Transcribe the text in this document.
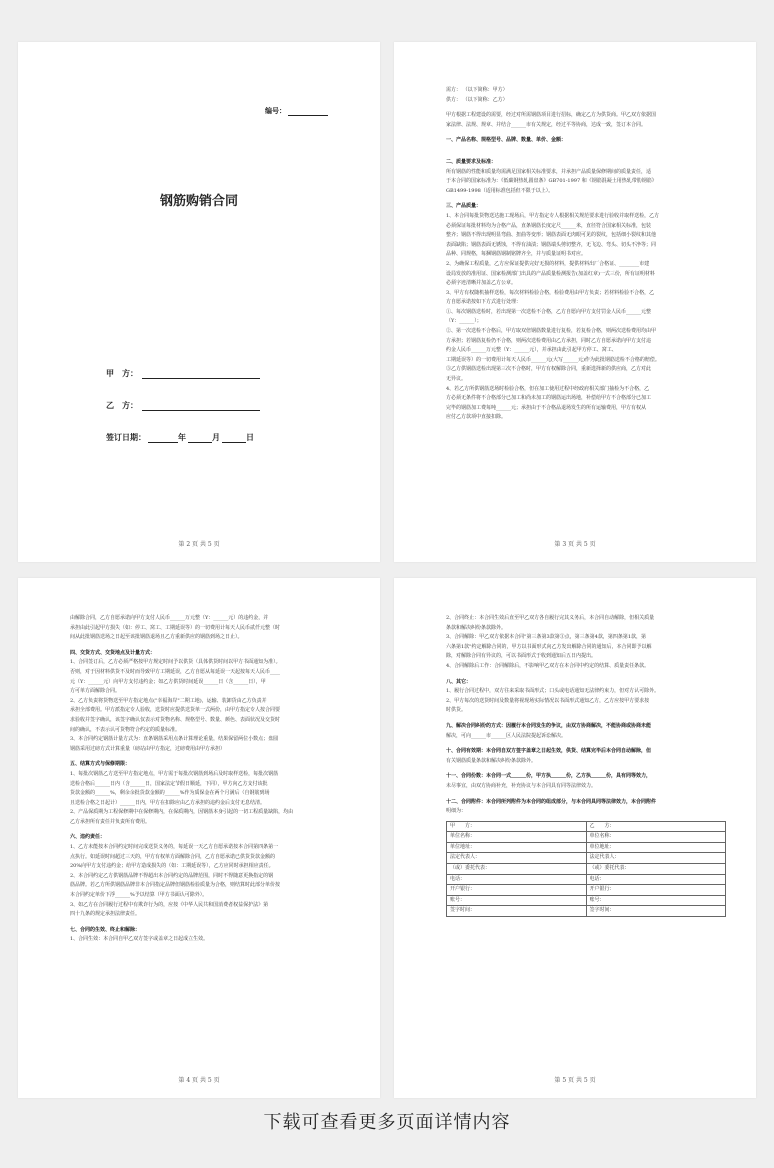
编号：
钢筋购销合同
甲　方：
乙　方：
签订日期：	年	月	日
第 2 页 共 5 页

需方： （以下简称：甲方）

供方： （以下简称：乙方）

甲方根据工程建设的需要，经过对所需钢筋项目进行招标，确定乙方为供货商。甲乙双方依据国

家法律、法规、规章、并结合______市有关规定，经过平等协商，达成一致，签订本合同。

一、产品名称、规格型号、品牌、数量、单价、金额：

二、质量要求及标准：

所有钢筋的性能和质量均需满足国家相关标准要求，并承担产品质量保修期间的质量责任，适

于本合同的国家标准为：《低碳钢热轧圆盘条》GB701-1997 和《钢筋混凝土用热轧带肋钢筋》

GB1499-1998（适用标准包括但不限于以上）。

三、产品质量：

1、本合同每批货物送达施工现场后，甲方指定专人根据相关规范要求进行验收并取样送检，乙方

必须保证每批材料均为合格产品，直条钢筋长度定尺______米，直径符合国家相关标准，包装

整齐；钢筋不得出现明显弯曲、扭曲等变形；钢筋表面无肉眼可见的裂纹，包括细小裂纹和其他

表面缺陷；钢筋表面无锈蚀，不得有油渍；钢筋端头剪切整齐，无飞边、弯头、切头不净等；同

品种、同规格，每捆钢筋钢制铭牌齐全，并与质量证明书对应。

2、为确保工程质量，乙方应保证提供完好无损的材料，提供材料出厂合格证、________市建

设局发放的准用证、国家检测部门出具的产品质量检测报告(加盖红章)一式三份，所有证明材料

必须字迹清晰并加盖乙方公章。

3、甲方有权随机抽样送检，每次材料检验合格，检验费用由甲方负责；若材料检验不合格，乙

方自愿承诺按如下方式进行处理：

①、每次钢筋送检时，若出现第一次送检不合格，乙方自愿向甲方支付罚金人民币______元整

（Y：______）；

②、第一次送检不合格后，甲方取双倍钢筋数量进行复检，若复检合格，则两次送检费用均由甲

方承担；若钢筋复检仍不合格，则两次送检费用由乙方承担，同时乙方自愿承诺向甲方支付违

约金人民币______万元整（Y：______元），并承担由此引起甲方停工、窝工、

工期延误等）的一切费用计每天人民币______元(大写______元)作为此批钢筋送检不合格的赔偿。

③乙方供钢筋送检出现第三次不合格时，甲方有权解除合同，重新选择新的供应商，乙方对此

无异议。

4、若乙方所供钢筋送场时检验合格，但在加工使用过程中经政府相关部门抽检为不合格，乙

方必须无条件将不合格部分已加工和尚未加工的钢筋运出场地，补偿给甲方不合格部分已加工

完毕的钢筋加工费每吨______元；承担由于不合格品退场发生的所有运输费用，甲方有权从

应付乙方款项中直接扣除。

第 3 页 共 5 页

由解除合同，乙方自愿承诺向甲方支付人民币______万元整（Y：______元）的违约金，并

承担由此引起甲方损失（如：停工、窝工、工期延误等）的一切费用计每天人民币贰仟元整（时

间从此批钢筋送场之日起至该批钢筋退场且乙方重新供应的钢筋到场之日止）。

四、交货方式、交货地点及计量方式：

1、合同签订后，乙方必须严格按甲方规定时间予以供货（具体供货时间以甲方书面通知为准）。

否则，对于因材料供货不及时而导致甲方工期延误，乙方自愿从每延误一天起按每天人民币____

元（Y：______元）向甲方支付违约金；如乙方供货时间延误______日（含______日），甲

方可单方面解除合同。

2、乙方负责将货物送至甲方指定地点("幸福海岸"二期工地)，运输、装卸货由乙方负责并

承担全部费用。甲方派指定专人验收，送货时应提供送货单一式两份，由甲方指定专人按合同要

求验收并签字确认，该签字确认仅表示对货物名称、规格型号、数量、颜色、表面状况及交货时

间的确认，不表示认可货物符合约定的质量标准。

3、本合同约定钢筋计量方式为：直条钢筋采用点条计算理论重量，结果保留两位小数点；盘圆

钢筋采用过磅方式计算重量（磅站由甲方指定，过磅费用由甲方承担）

五、结算方式与保修期限：

1、每批次钢筋乙方送至甲方指定地点，甲方需于每批次钢筋到场后及时取样送检，每批次钢筋

送检合格后______日内（含______日，国家法定节假日顺延，下同），甲方向乙方支付该批

货款金额的______%，剩余余批货款金额的______%作为质保金在两个月满后（自钢筋到场

且送检合格之日起计）______日内，甲方在扣除应由乙方承担的违约金后支付无息结清。

2、产品保质期为工程保修期中在保修期内，在保质期内，因钢筋本身引起的一切工程质量缺陷，均由

乙方承担所有责任并负责所有费用。

六、违约责任：

1、乙方未能按本合同约定时间完成送货义务的，每延误一天乙方自愿承诺按本合同第四条第一

点执行。如延误时间超过三天的，甲方有权单方面解除合同，乙方自愿承诺已供货货款金额的

20%向甲方支付违约金；给甲方造成损失的（如：工期延误等），乙方应同时承担相应责任。

2、本合同约定乙方供钢筋品牌不得超出本合同约定的品牌范围，同时不得随意更换指定的钢

筋品牌。若乙方所供钢筋品牌非本合同指定品牌但钢筋检验质量为合格，则结算时此部分单价按

本合同约定单价下浮______%予以结算（甲方书面认可除外）。

3、如乙方在合同履行过程中有欺诈行为的，应按《中华人民共和国消费者权益保护法》第

四十九条的规定承担法律责任。

七、合同的生效、终止和解除：

1、合同生效：本合同自甲乙双方签字或盖章之日起成立生效。

第 4 页 共 5 页

2、合同终止：本合同生效后直至甲乙双方各自履行完其义务后，本合同自动解除，但相关质量

条款和解决纠纷条款除外。

3、合同解除：甲乙双方依据本合同"第三条第3款第③点，第三条第4款，第四条第1款，第

六条第1款"约定解除合同的，甲方以书面形式向乙方发出解除合同的通知后，本合同即予以解

除，对解除合同有异议的，可以书面形式于收到通知后五日内提出。

4、合同解除后工作：合同解除后，不影响甲乙双方在本合同中约定的结算、质量责任条款。

八、其它：

1、履行合同过程中，双方往来采取书面形式；口头或电话通知无法律约束力，但对方认可除外。

2、甲方每次的送货时间及数量将视现场实际情况以书面形式通知乙方，乙方应按甲方要求按

时供货。

九、解决合同纠纷的方式：因履行本合同发生的争议，由双方协商解决，不能协商或协商未能

解决，可向______市______区人民法院提起诉讼解决。

十、合同有效期：本合同自双方签字盖章之日起生效，供货、结算完毕后本合同自动解除，但

有关钢筋质量条款和解决纠纷条款除外。

十一、合同份数：本合同一式______份，甲方执______份，乙方执______份，具有同等效力，

未尽事宜，由双方协商补充，补充协议与本合同具有同等法律效力。

十二、合同附件：本合同所列附件为本合同的组成部分，与本合同具同等法律效力，本合同附件

明细为：

甲　　方：	乙　　方：
单位名称：	单位名称：
单位地址：	单位地址：
法定代表人：	法定代表人：
（或）委托代表：	（或）委托代表：
电话：	电话：
开户银行：	开户银行：
账号：	账号：
签字时间：	签字时间：
第 5 页 共 5 页
下载可查看更多页面详情内容
